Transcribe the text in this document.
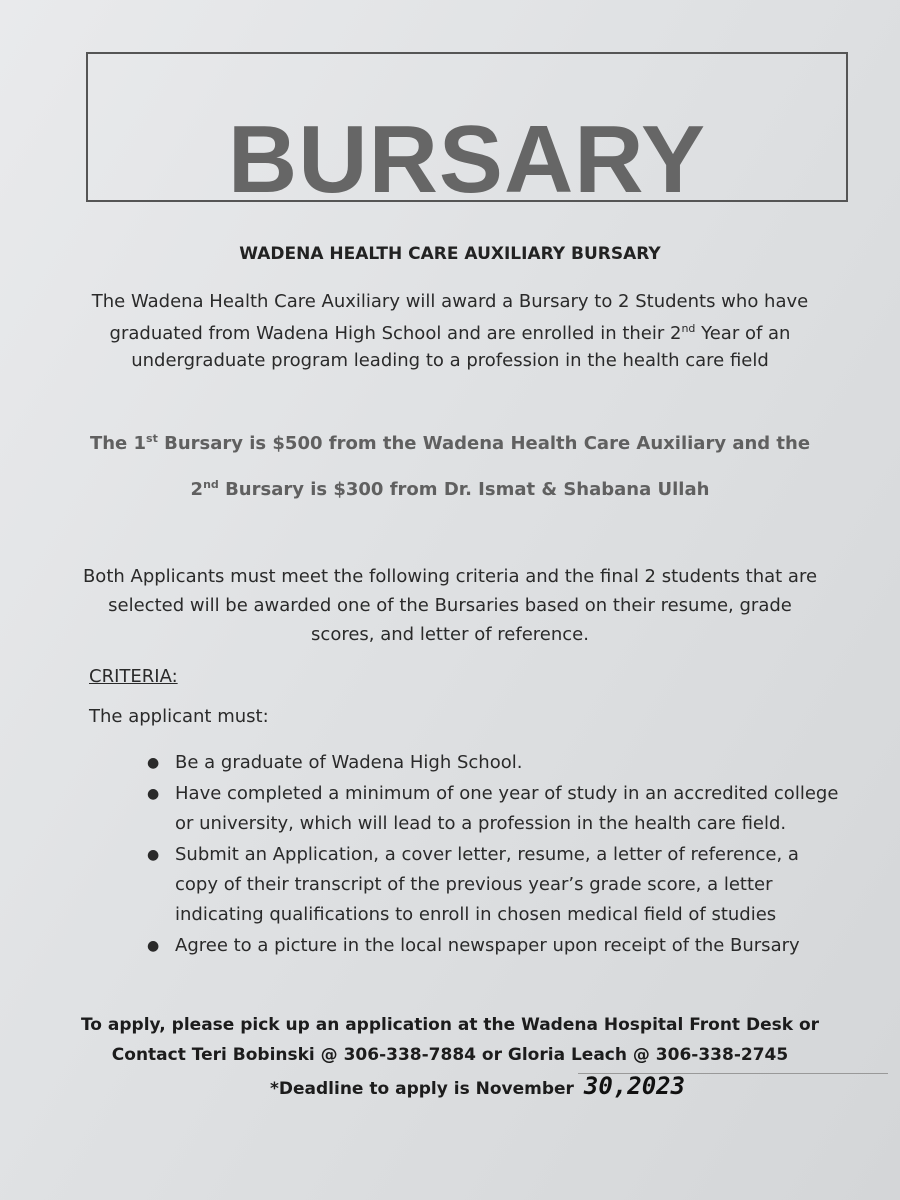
BURSARY
WADENA HEALTH CARE AUXILIARY BURSARY
The Wadena Health Care Auxiliary will award a Bursary to 2 Students who have
graduated from Wadena High School and are enrolled in their 2nd Year of an
undergraduate program leading to a profession in the health care field
The 1st Bursary is $500 from the Wadena Health Care Auxiliary and the
2nd Bursary is $300 from Dr. Ismat & Shabana Ullah
Both Applicants must meet the following criteria and the final 2 students that are
selected will be awarded one of the Bursaries based on their resume, grade
scores, and letter of reference.
CRITERIA:
The applicant must:
● Be a graduate of Wadena High School.
● Have completed a minimum of one year of study in an accredited college or university, which will lead to a profession in the health care field.
● Submit an Application, a cover letter, resume, a letter of reference, a copy of their transcript of the previous year’s grade score, a letter indicating qualifications to enroll in chosen medical field of studies
● Agree to a picture in the local newspaper upon receipt of the Bursary
To apply, please pick up an application at the Wadena Hospital Front Desk or
Contact Teri Bobinski @ 306-338-7884 or Gloria Leach @ 306-338-2745
*Deadline to apply is November 30,2023
